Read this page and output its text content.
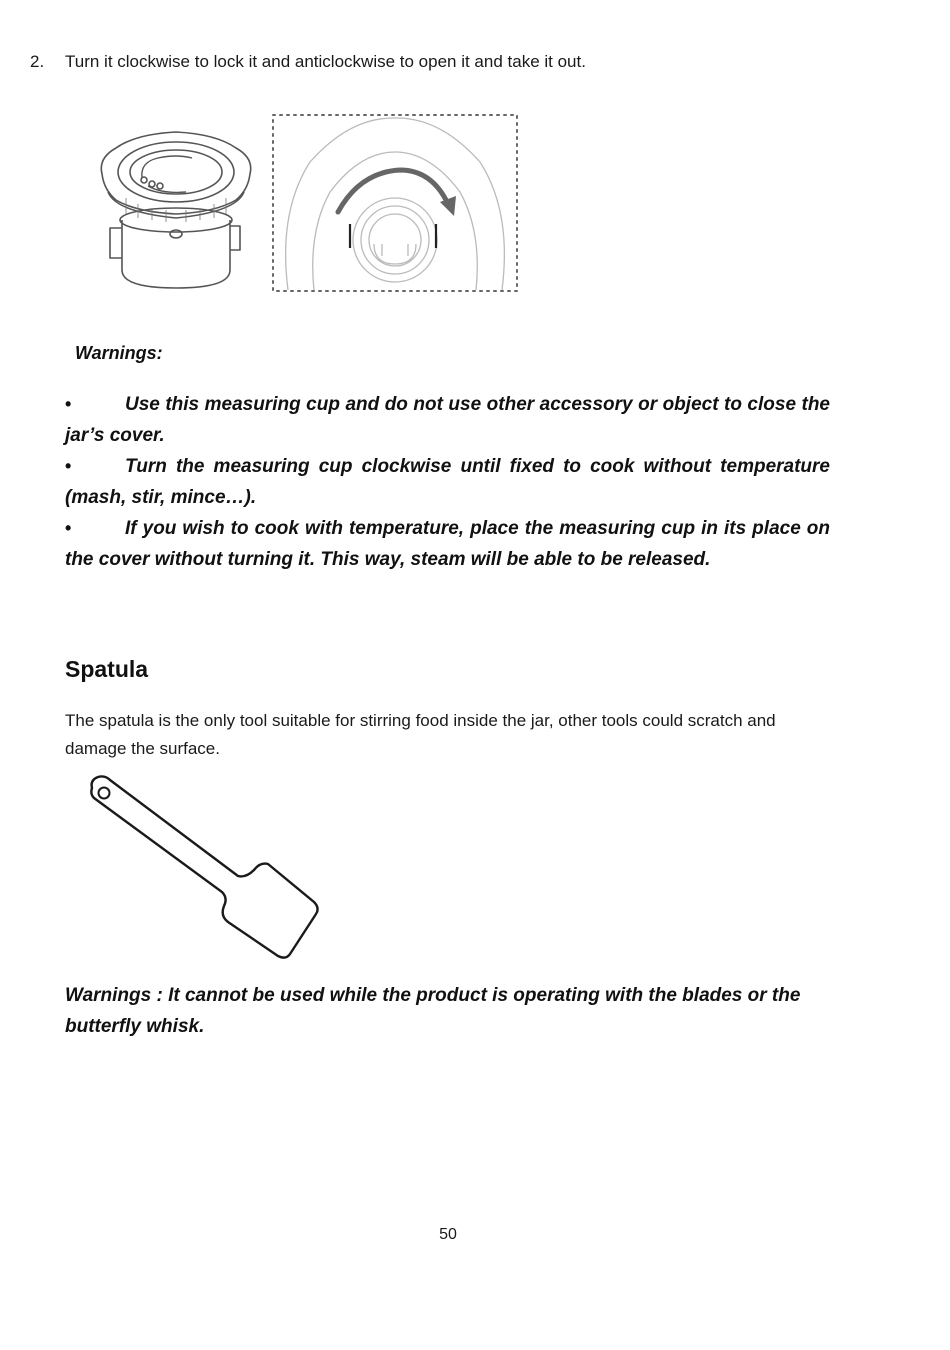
2. Turn it clockwise to lock it and anticlockwise to open it and take it out.
Warnings:
•	Use this measuring cup and do not use other accessory or object to close the jar’s cover.
•	Turn the measuring cup clockwise until fixed to cook without temperature (mash, stir, mince…).
•	If you wish to cook with temperature, place the measuring cup in its place on the cover without turning it. This way, steam will be able to be released.
Spatula
The spatula is the only tool suitable for stirring food inside the jar, other tools could scratch and damage the surface.
Warnings : It cannot be used while the product is operating with the blades or the butterfly whisk.
50
